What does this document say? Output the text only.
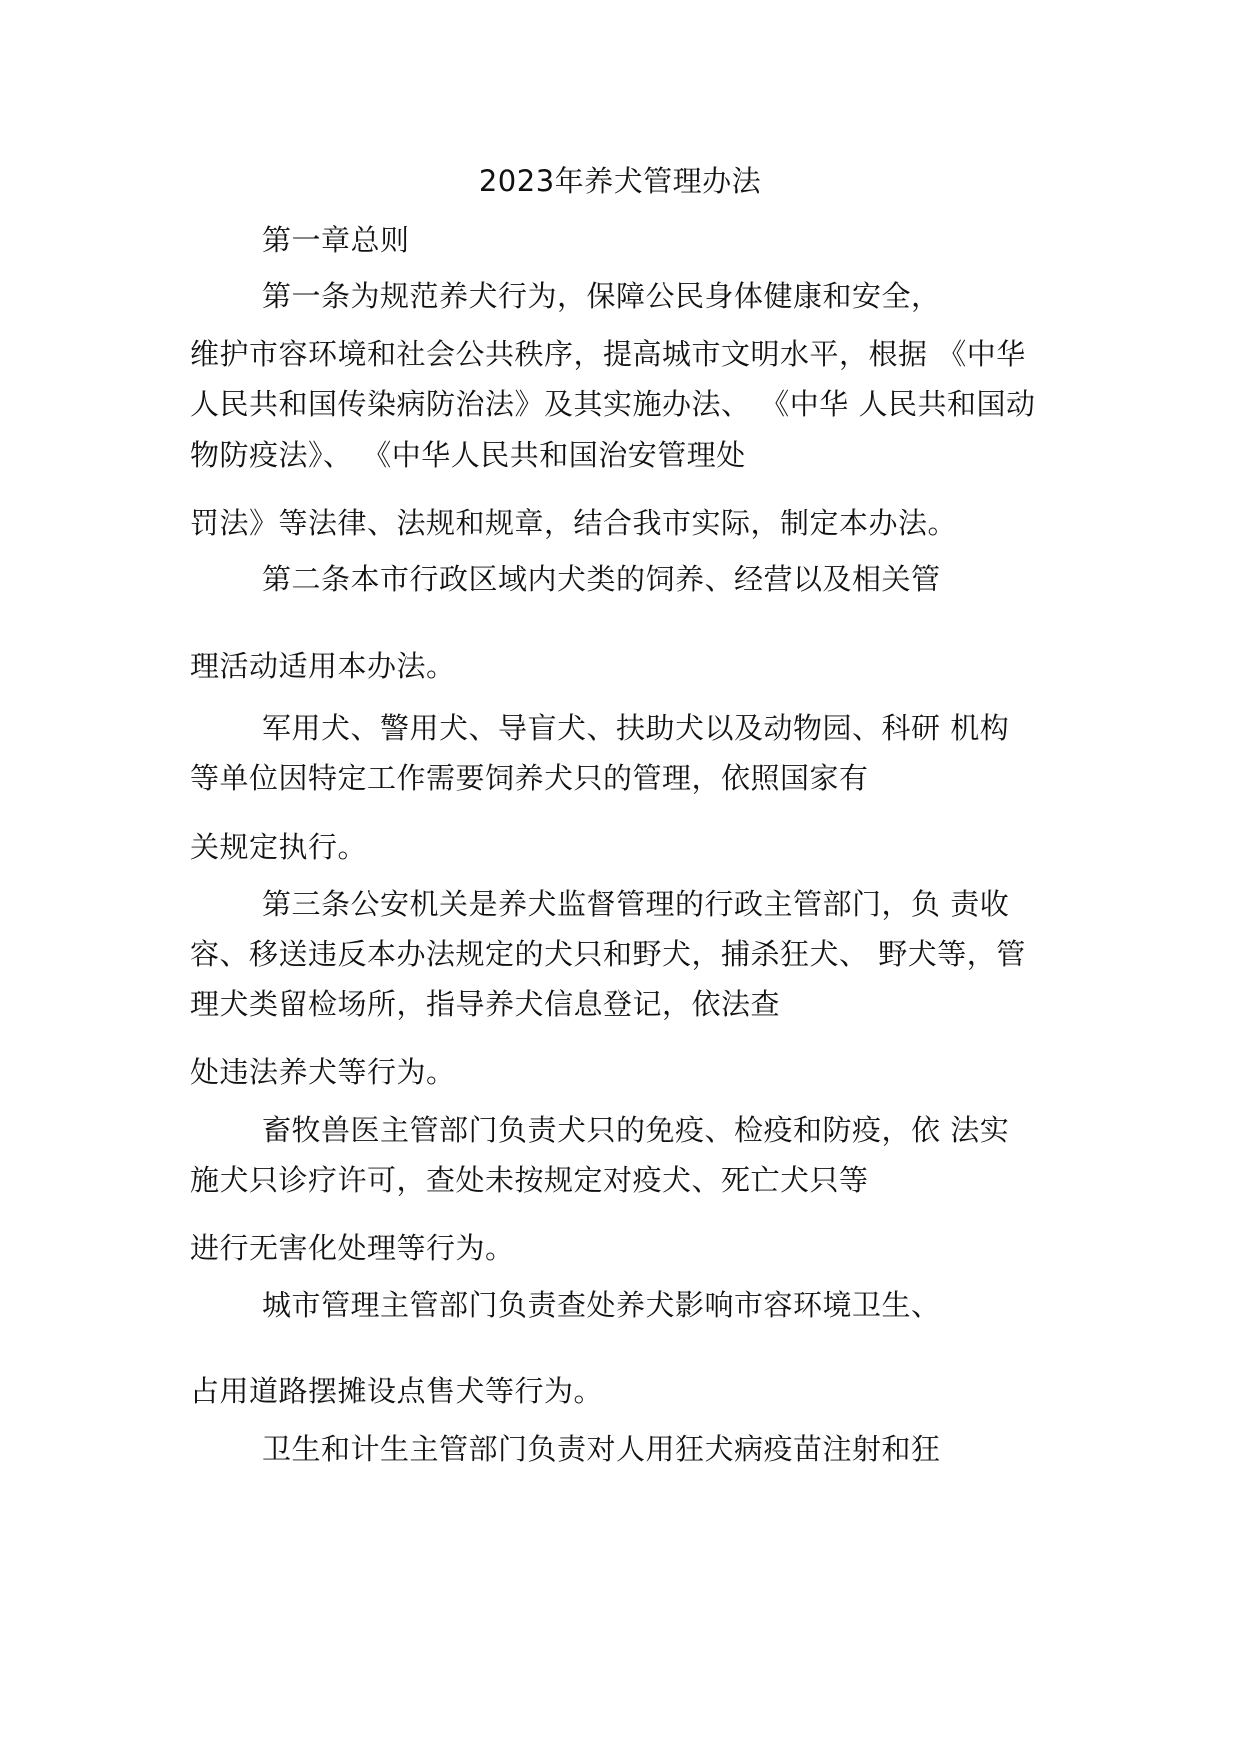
2023年养犬管理办法
第一章总则
第一条为规范养犬行为，保障公民身体健康和安全，
维护市容环境和社会公共秩序，提高城市文明水平，根据 《中华
人民共和国传染病防治法》及其实施办法、 《中华 人民共和国动
物防疫法》、 《中华人民共和国治安管理处
罚法》等法律、法规和规章，结合我市实际，制定本办法。
第二条本市行政区域内犬类的饲养、经营以及相关管
理活动适用本办法。
军用犬、警用犬、导盲犬、扶助犬以及动物园、科研 机构
等单位因特定工作需要饲养犬只的管理，依照国家有
关规定执行。
第三条公安机关是养犬监督管理的行政主管部门，负 责收
容、移送违反本办法规定的犬只和野犬，捕杀狂犬、 野犬等，管
理犬类留检场所，指导养犬信息登记，依法查
处违法养犬等行为。
畜牧兽医主管部门负责犬只的免疫、检疫和防疫，依 法实
施犬只诊疗许可，查处未按规定对疫犬、死亡犬只等
进行无害化处理等行为。
城市管理主管部门负责查处养犬影响市容环境卫生、
占用道路摆摊设点售犬等行为。
卫生和计生主管部门负责对人用狂犬病疫苗注射和狂
